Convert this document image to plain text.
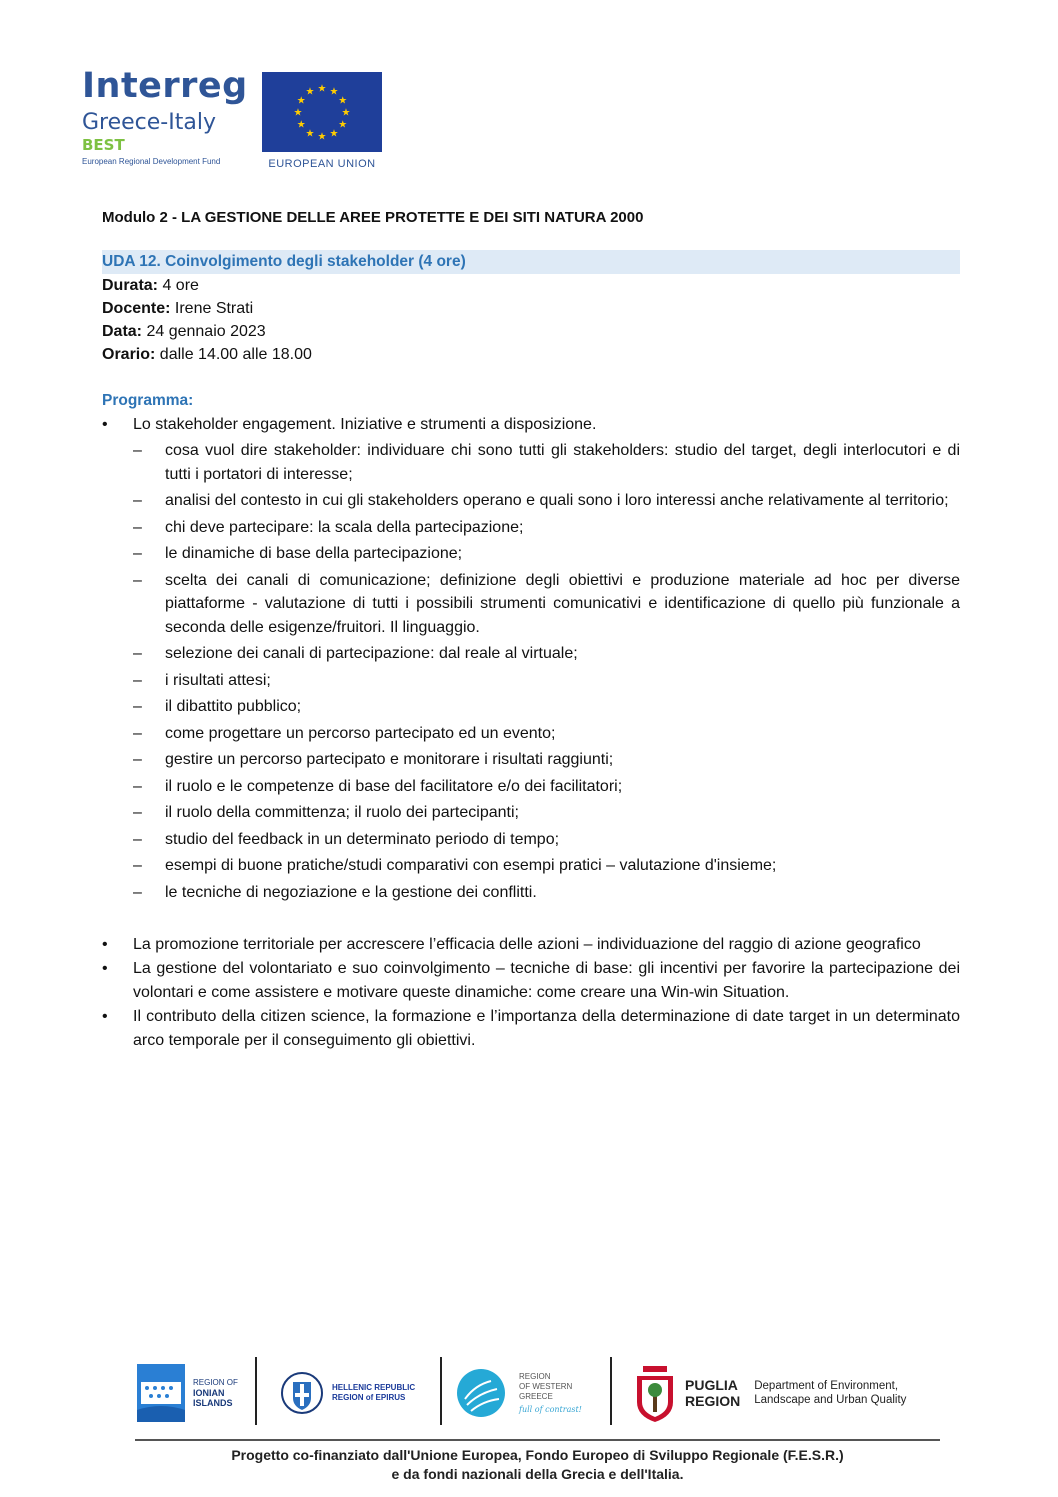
Interreg
Greece-Italy
BEST
European Regional Development Fund
★ ★
★
★
★
★
★
★
★
★
★
★
EUROPEAN UNION
Modulo 2 - LA GESTIONE DELLE AREE PROTETTE E DEI SITI NATURA 2000
UDA 12. Coinvolgimento degli stakeholder (4 ore)
Durata: 4 ore
Docente: Irene Strati
Data: 24 gennaio 2023
Orario: dalle 14.00 alle 18.00
Programma:
• Lo stakeholder engagement. Iniziative e strumenti a disposizione.
– cosa vuol dire stakeholder: individuare chi sono tutti gli stakeholders: studio del target, degli interlocutori e di tutti i portatori di interesse;
– analisi del contesto in cui gli stakeholders operano e quali sono i loro interessi anche relativamente al territorio;
– chi deve partecipare: la scala della partecipazione;
– le dinamiche di base della partecipazione;
– scelta dei canali di comunicazione; definizione degli obiettivi e produzione materiale ad hoc per diverse piattaforme - valutazione di tutti i possibili strumenti comunicativi e identificazione di quello più funzionale a seconda delle esigenze/fruitori. Il linguaggio.
– selezione dei canali di partecipazione: dal reale al virtuale;
– i risultati attesi;
– il dibattito pubblico;
– come progettare un percorso partecipato ed un evento;
– gestire un percorso partecipato e monitorare i risultati raggiunti;
– il ruolo e le competenze di base del facilitatore e/o dei facilitatori;
– il ruolo della committenza; il ruolo dei partecipanti;
– studio del feedback in un determinato periodo di tempo;
– esempi di buone pratiche/studi comparativi con esempi pratici – valutazione d'insieme;
– le tecniche di negoziazione e la gestione dei conflitti.
• La promozione territoriale per accrescere l’efficacia delle azioni – individuazione del raggio di azione geografico
• La gestione del volontariato e suo coinvolgimento – tecniche di base: gli incentivi per favorire la partecipazione dei volontari e come assistere e motivare queste dinamiche: come creare una Win-win Situation.
• Il contributo della citizen science, la formazione e l’importanza della determinazione di date target in un determinato arco temporale per il conseguimento gli obiettivi.
REGION OF
IONIAN
ISLANDS
HELLENIC REPUBLIC
REGION of EPIRUS
REGION
OF WESTERN
GREECE
full of contrast!
PUGLIA
REGION
Department of Environment,
Landscape and Urban Quality
Progetto co-finanziato dall'Unione Europea, Fondo Europeo di Sviluppo Regionale (F.E.S.R.)
e da fondi nazionali della Grecia e dell'Italia.
